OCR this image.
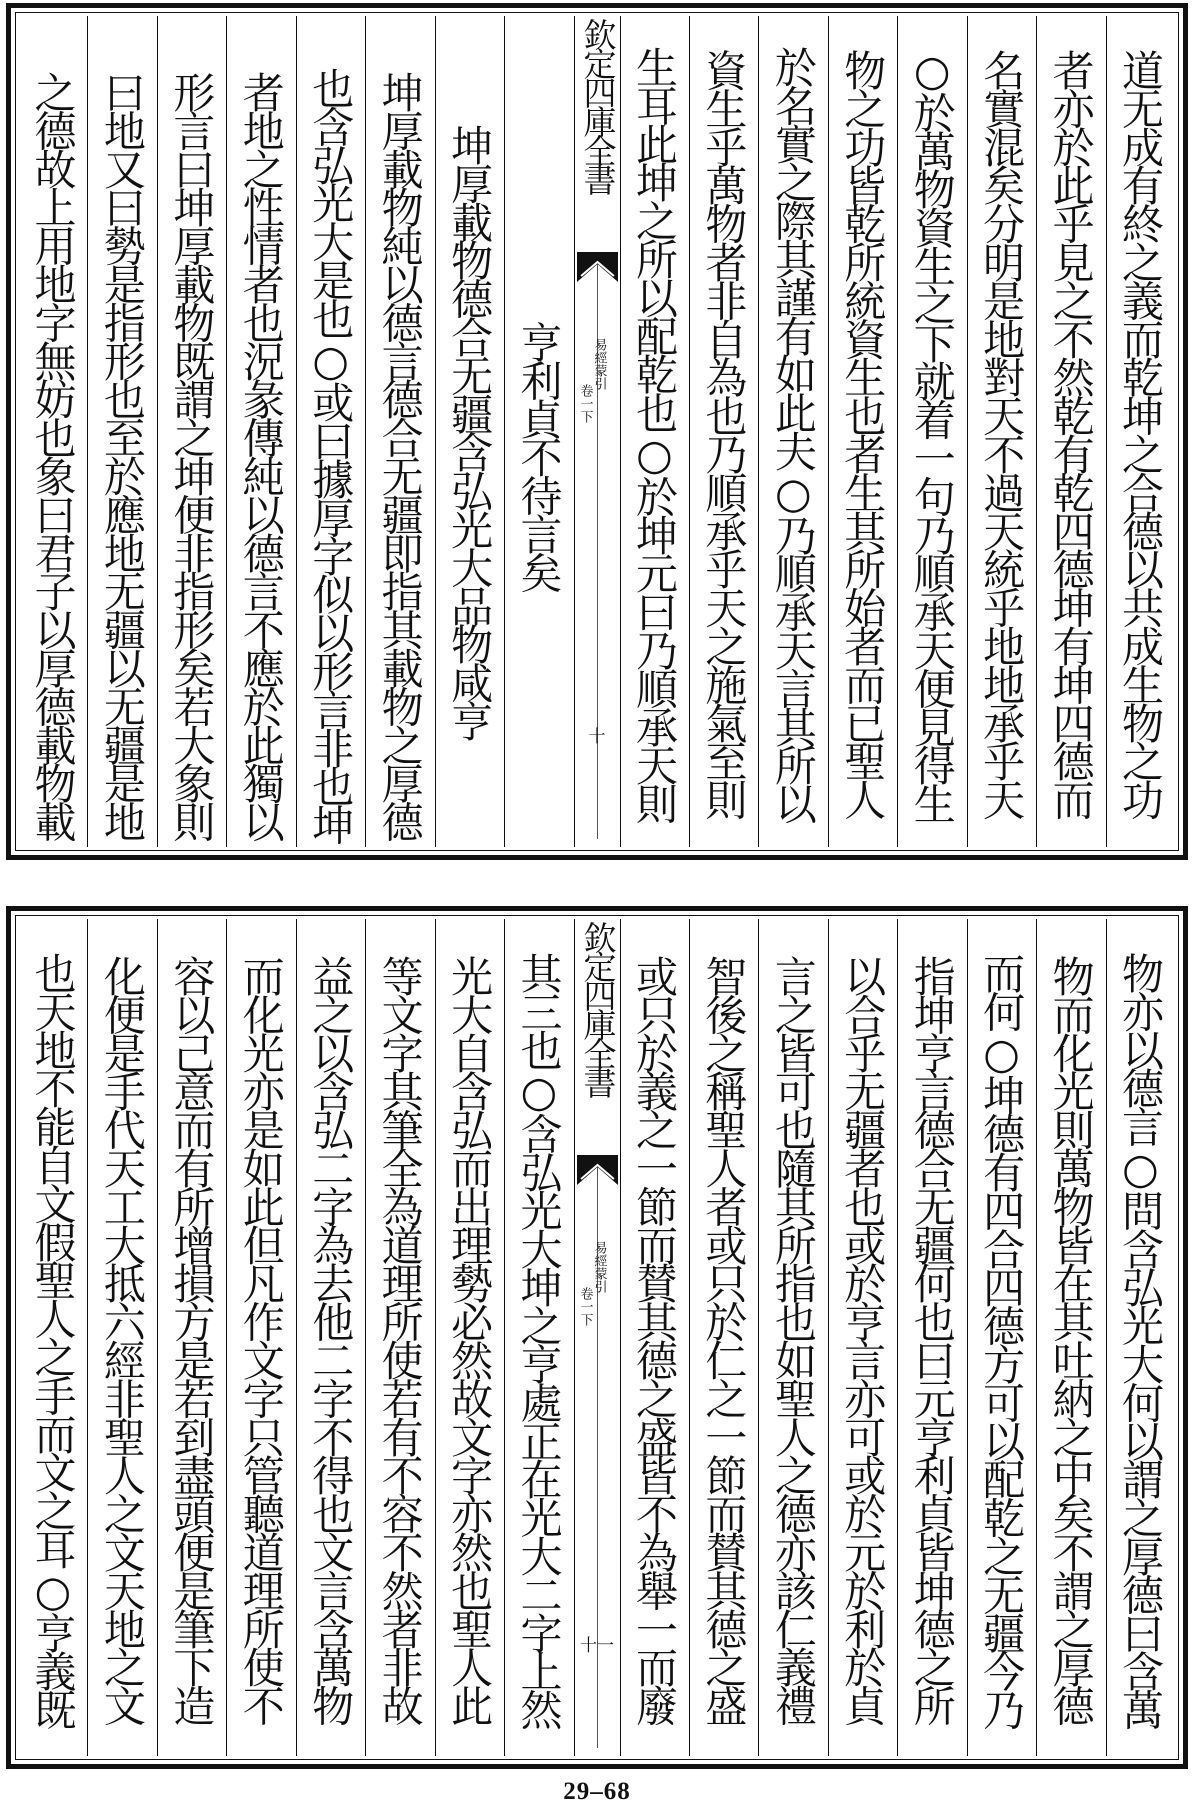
道无成有終之義而乾坤之合德以共成生物之功
者亦於此乎見之不然乾有乾四德坤有坤四德而
名實混矣分明是地對天不過天統乎地地承乎天
○於萬物資生之下就着一句乃順承天便見得生
物之功皆乾所統資生也者生其所始者而已聖人
於名實之際其謹有如此夫○乃順承天言其所以
資生乎萬物者非自為也乃順承乎天之施氣至則
生耳此坤之所以配乾也○於坤元曰乃順承天則
欽定四庫全書
易經蒙引
卷一下
十
亨利貞不待言矣
坤厚載物德合无疆含弘光大品物咸亨
坤厚載物純以德言德合无疆即指其載物之厚德
也含弘光大是也○或曰據厚字似以形言非也坤
者地之性情者也況彖傳純以德言不應於此獨以
形言曰坤厚載物既謂之坤便非指形矣若大象則
曰地又曰勢是指形也至於應地无疆以无疆是地
之德故上用地字無妨也象曰君子以厚德載物載
物亦以德言○問含弘光大何以謂之厚德曰含萬
物而化光則萬物皆在其吐納之中矣不謂之厚德
而何○坤德有四合四德方可以配乾之无疆今乃
指坤亨言德合无疆何也曰元亨利貞皆坤德之所
以合乎无疆者也或於亨言亦可或於元於利於貞
言之皆可也隨其所指也如聖人之德亦該仁義禮
智後之稱聖人者或只於仁之一節而賛其德之盛
或只於義之一節而賛其德之盛皆不為舉一而廢
欽定四庫全書
易經蒙引
卷一下
十一
其三也○含弘光大坤之亨處正在光大二字上然
光大自含弘而出理勢必然故文字亦然也聖人此
等文字其筆全為道理所使若有不容不然者非故
益之以含弘二字為去他二字不得也文言含萬物
而化光亦是如此但凡作文字只管聽道理所使不
容以己意而有所增損方是若到盡頭便是筆下造
化便是手代天工大抵六經非聖人之文天地之文
也天地不能自文假聖人之手而文之耳○亨義既
29–68
